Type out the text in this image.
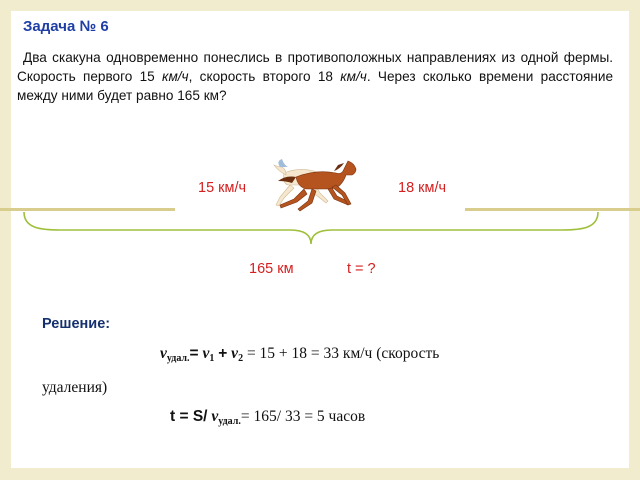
Задача № 6

Два скакуна одновременно понеслись в противоположных направлениях из одной фермы. Скорость первого 15 км/ч, скорость второго 18 км/ч. Через сколько времени расстояние между ними будет равно 165 км?

15 км/ч	18 км/ч
165 км	t = ?
Решение:
$v_{удал.}= v_1 + v_2 = 15 + 18 = 33$ км/ч (скорость
удаления)
t = S/ $v_{удал.}= 165/$ 33 = 5 часов
